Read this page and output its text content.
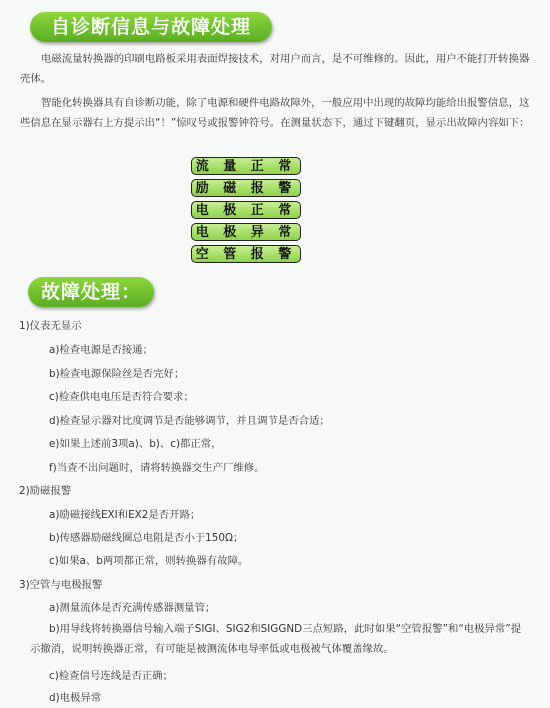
自诊断信息与故障处理

电磁流量转换器的印刷电路板采用表面焊接技术，对用户而言，是不可维修的。因此，用户不能打开转换器壳体。

智能化转换器具有自诊断功能，除了电源和硬件电路故障外，一般应用中出现的故障均能给出报警信息，这些信息在显示器右上方提示出“！”惊叹号或报警钟符号。在测量状态下，通过下键翻页，显示出故障内容如下：

流 量 正 常
励 磁 报 警
电 极 正 常
电 极 异 常
空 管 报 警
故障处理：
1)仪表无显示
a)检查电源是否接通；
b)检查电源保险丝是否完好；
c)检查供电电压是否符合要求；
d)检查显示器对比度调节是否能够调节，并且调节是否合适；
e)如果上述前3项a)、b)、c)都正常，
f)当查不出问题时，请将转换器交生产厂维修。
2)励磁报警
a)励磁接线EXI和EX2是否开路；
b)传感器励磁线圈总电阻是否小于150Ω；
c)如果a、b两项都正常，则转换器有故障。
3)空管与电极报警
a)测量流体是否充满传感器测量管；
b)用导线将转换器信号输入端子SIGI、SIG2和SIGGND三点短路，此时如果“空管报警”和“电极异常”提示撤消，说明转换器正常，有可能是被测流体电导率低或电极被气体覆盖缘故。
c)检查信号连线是否正确；
d)电极异常
